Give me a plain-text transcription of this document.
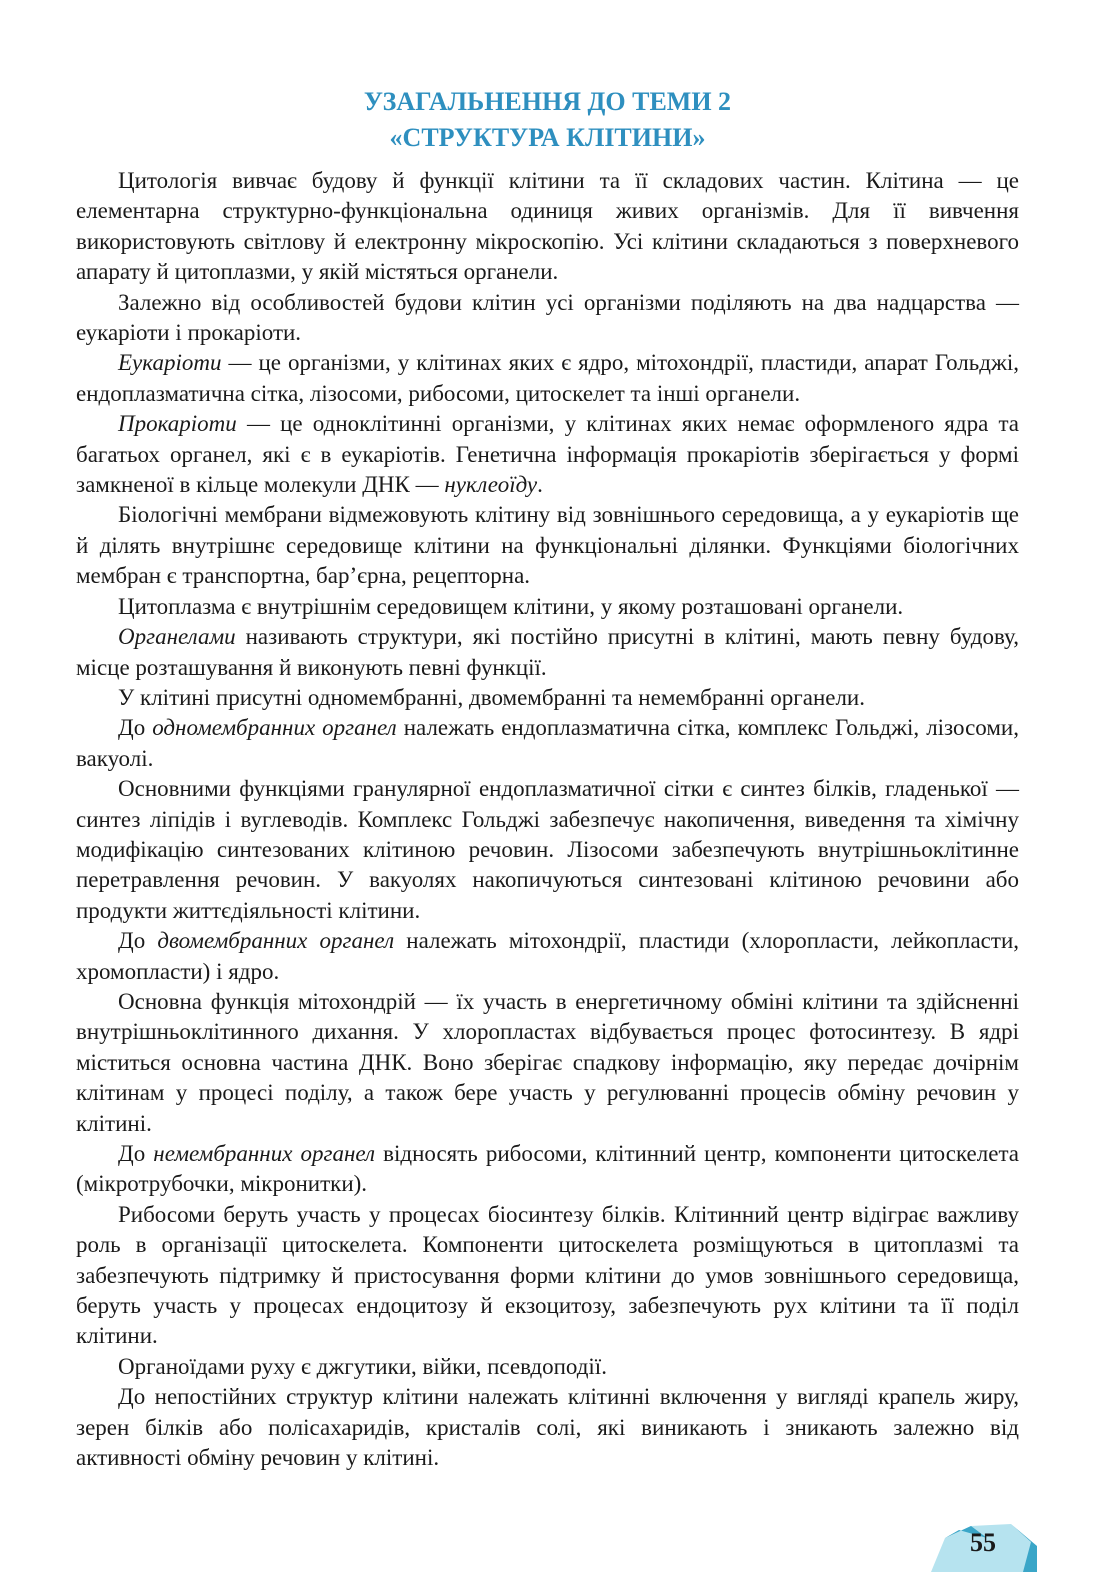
УЗАГАЛЬНЕННЯ ДО ТЕМИ 2
«СТРУКТУРА КЛІТИНИ»

Цитологія вивчає будову й функції клітини та її складових частин. Клітина — це елементарна структурно-функціональна одиниця живих організмів. Для її вивчення використовують світлову й електронну мікроскопію. Усі клітини складаються з поверхневого апарату й цитоплазми, у якій містяться органели.

Залежно від особливостей будови клітин усі організми поділяють на два надцарства — еукаріоти і прокаріоти.

Еукаріоти — це організми, у клітинах яких є ядро, мітохондрії, пластиди, апарат Гольджі, ендоплазматична сітка, лізосоми, рибосоми, цитоскелет та інші органели.

Прокаріоти — це одноклітинні організми, у клітинах яких немає оформленого ядра та багатьох органел, які є в еукаріотів. Генетична інформація прокаріотів зберігається у формі замкненої в кільце молекули ДНК — нуклеоїду.

Біологічні мембрани відмежовують клітину від зовнішнього середовища, а у еукаріотів ще й ділять внутрішнє середовище клітини на функціональні ділянки. Функціями біологічних мембран є транспортна, бар’єрна, рецепторна.

Цитоплазма є внутрішнім середовищем клітини, у якому розташовані органели.

Органелами називають структури, які постійно присутні в клітині, мають певну будову, місце розташування й виконують певні функції.

У клітині присутні одномембранні, двомембранні та немембранні органели.

До одномембранних органел належать ендоплазматична сітка, комплекс Гольджі, лізосоми, вакуолі.

Основними функціями гранулярної ендоплазматичної сітки є синтез білків, гладенької — синтез ліпідів і вуглеводів. Комплекс Гольджі забезпечує накопичення, виведення та хімічну модифікацію синтезованих клітиною речовин. Лізосоми забезпечують внутрішньоклітинне перетравлення речовин. У вакуолях накопичуються синтезовані клітиною речовини або продукти життєдіяльності клітини.

До двомембранних органел належать мітохондрії, пластиди (хлоропласти, лейкопласти, хромопласти) і ядро.

Основна функція мітохондрій — їх участь в енергетичному обміні клітини та здійсненні внутрішньоклітинного дихання. У хлоропластах відбувається процес фотосинтезу. В ядрі міститься основна частина ДНК. Воно зберігає спадкову інформацію, яку передає дочірнім клітинам у процесі поділу, а також бере участь у регулюванні процесів обміну речовин у клітині.

До немембранних органел відносять рибосоми, клітинний центр, компоненти цитоскелета (мікротрубочки, мікронитки).

Рибосоми беруть участь у процесах біосинтезу білків. Клітинний центр відіграє важливу роль в організації цитоскелета. Компоненти цитоскелета розміщуються в цитоплазмі та забезпечують підтримку й пристосування форми клітини до умов зовнішнього середовища, беруть участь у процесах ендоцитозу й екзоцитозу, забезпечують рух клітини та її поділ клітини.

Органоїдами руху є джгутики, війки, псевдоподії.

До непостійних структур клітини належать клітинні включення у вигляді крапель жиру, зерен білків або полісахаридів, кристалів солі, які виникають і зникають залежно від активності обміну речовин у клітині.

55
